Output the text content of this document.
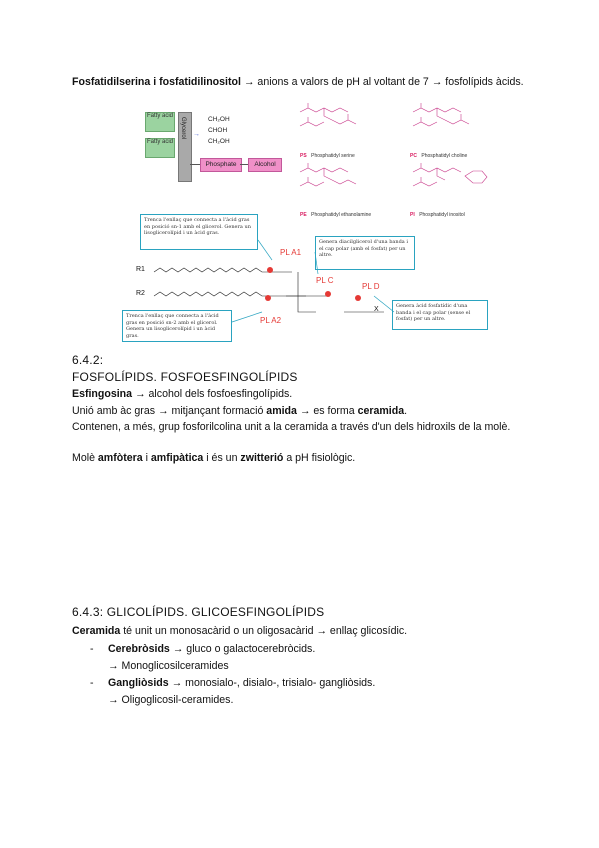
Fosfatidilserina i fosfatidilinositol → anions a valors de pH al voltant de 7 → fosfolípids àcids.
Fatty acid
Fatty acid
Glycerol →
CH₂OH
CHOH
CH₂OH
Phosphate	Alcohol
PS Phosphatidyl serine	PC Phosphatidyl choline
PE Phosphatidyl ethanolamine	PI Phosphatidyl inositol
Trenca l'enllaç que connecta a l'àcid gras en posició sn-1 amb el glicerol. Genera un lisoglicerolípid i un àcid gras.
Genera diacilglicerol d'una banda i el cap polar (amb el fosfat) per un altre.
Trenca l'enllaç que connecta a l'àcid gras en posició sn-2 amb el glicerol. Genera un lisoglicerolípid i un àcid gras.
Genera àcid fosfatídic d'una banda i el cap polar (sense el fosfat) per un altre.
R1
R2
PL A1
PL A2
PL C
PL D
X
6.4.2:
FOSFOLÍPIDS. FOSFOESFINGOLÍPIDS
Esfingosina → alcohol dels fosfoesfingolípids.
Unió amb àc gras → mitjançant formació amida → es forma ceramida.
Contenen, a més, grup fosforilcolina unit a la ceramida a través d'un dels hidroxils de la molè.
Molè amfòtera i amfipàtica i és un zwitterió a pH fisiològic.
6.4.3: GLICOLÍPIDS. GLICOESFINGOLÍPIDS
Ceramida té unit un monosacàrid o un oligosacàrid → enllaç glicosídic.
- Cerebròsids → gluco o galactocerebròcids.
→ Monoglicosilceramides
- Gangliòsids → monosialo-, disialo-, trisialo- gangliòsids.
→ Oligoglicosil-ceramides.
